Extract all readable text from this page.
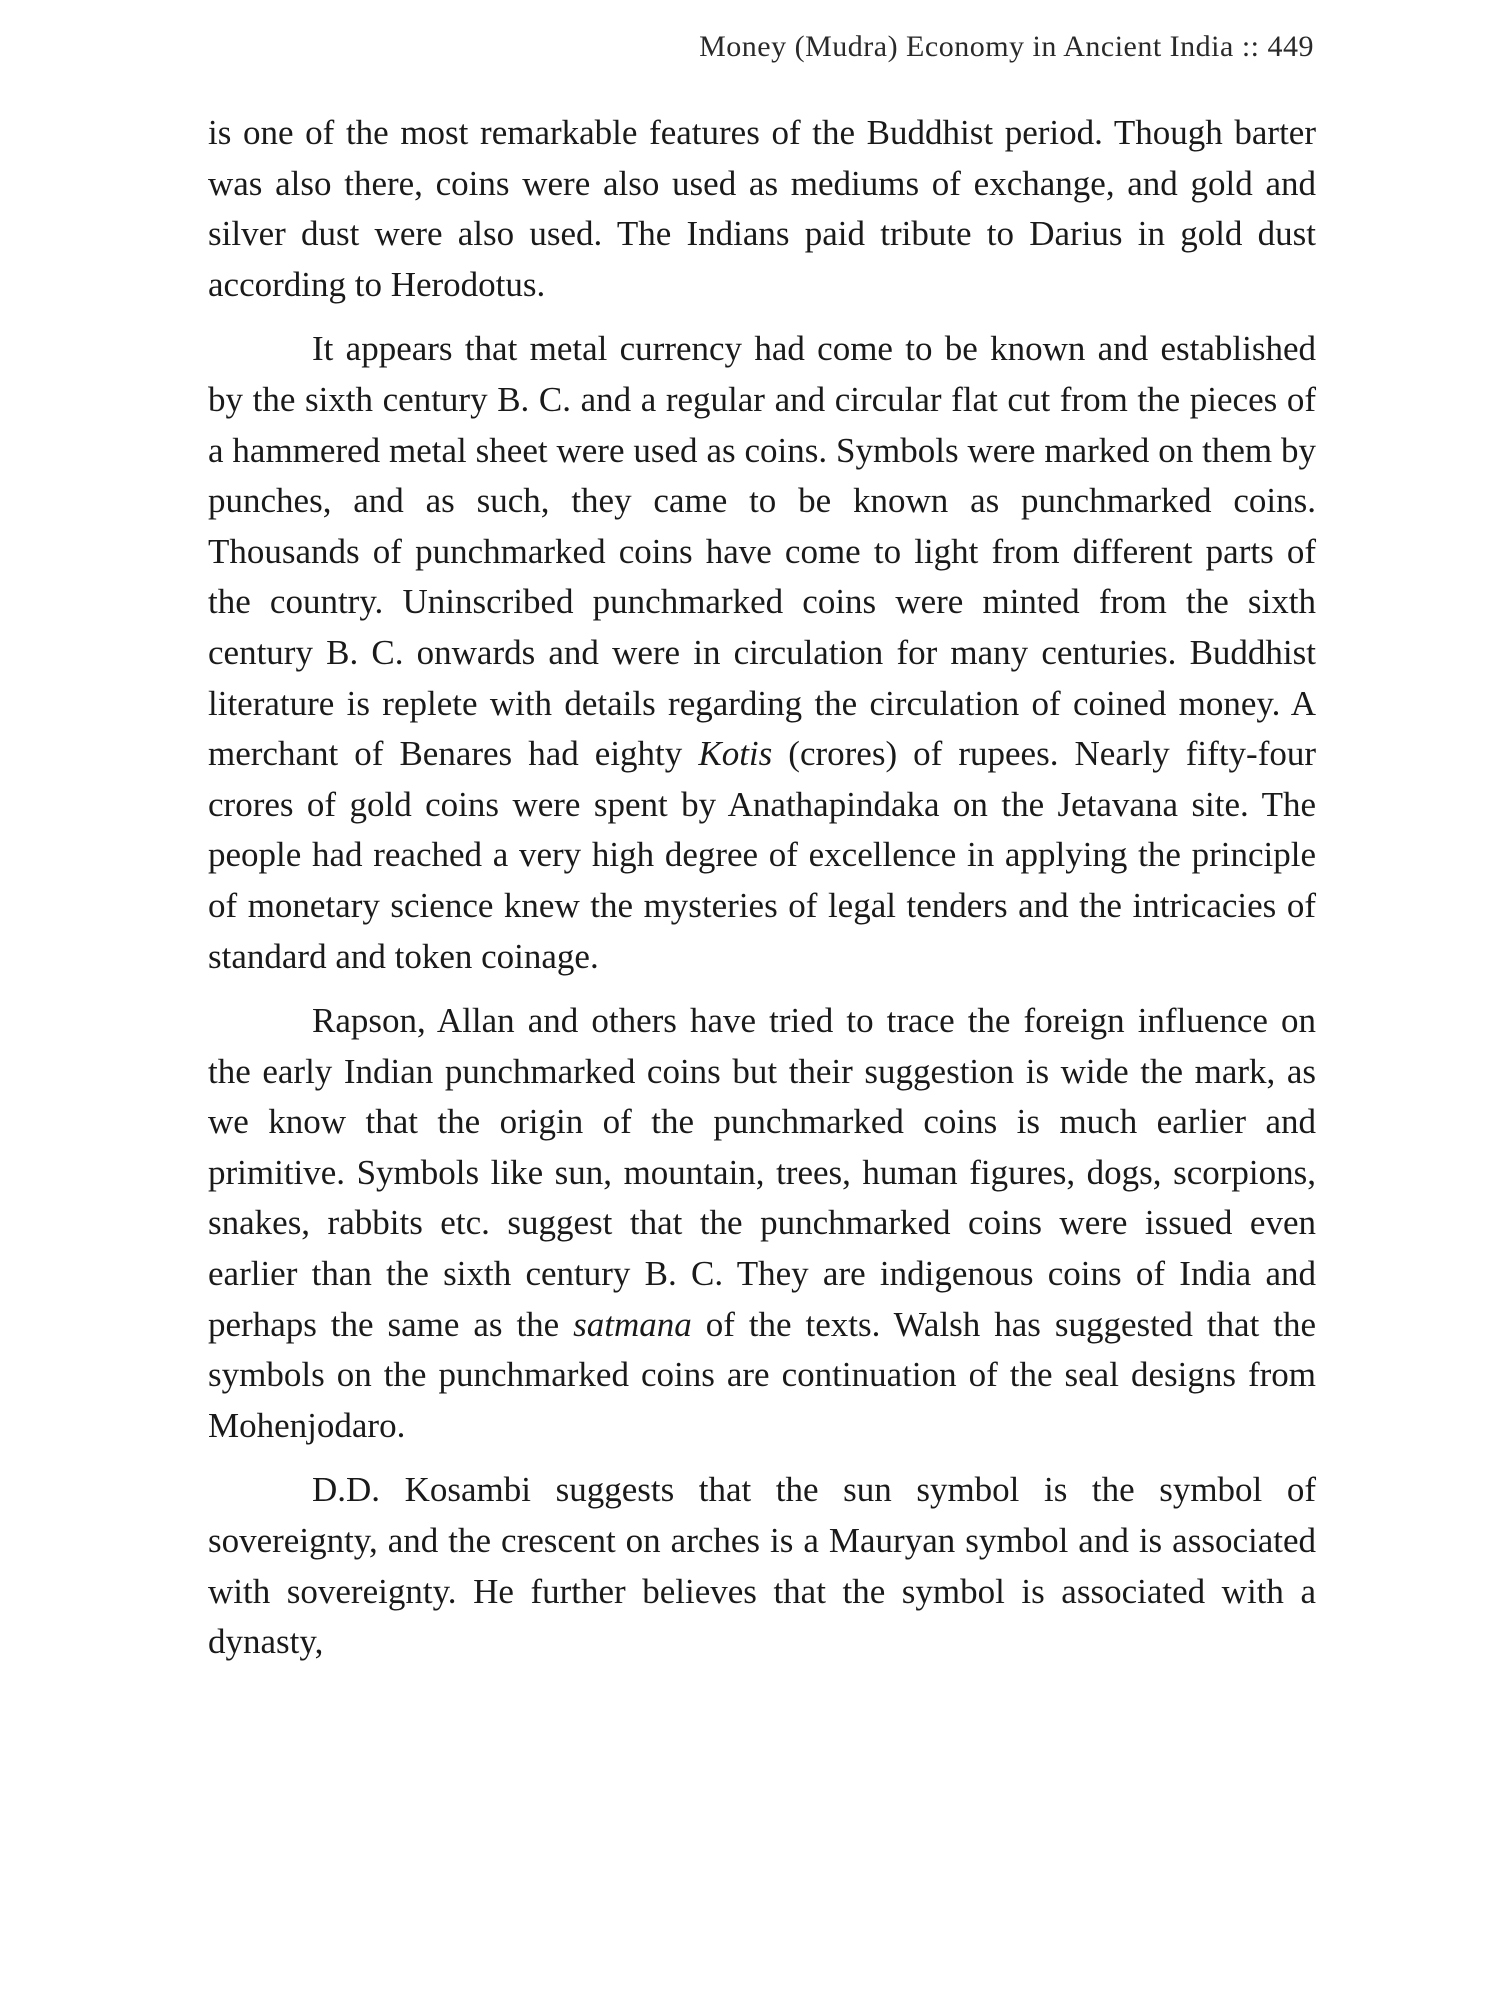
Money (Mudra) Economy in Ancient India :: 449

is one of the most remarkable features of the Buddhist period. Though barter was also there, coins were also used as mediums of exchange, and gold and silver dust were also used. The Indians paid tribute to Darius in gold dust according to Herodotus.

It appears that metal currency had come to be known and established by the sixth century B. C. and a regular and circular flat cut from the pieces of a hammered metal sheet were used as coins. Symbols were marked on them by punches, and as such, they came to be known as punchmarked coins. Thousands of punchmarked coins have come to light from different parts of the country. Uninscribed punchmarked coins were minted from the sixth century B. C. onwards and were in circulation for many centuries. Buddhist literature is replete with details regarding the circulation of coined money. A merchant of Benares had eighty Kotis (crores) of rupees. Nearly fifty-four crores of gold coins were spent by Anathapindaka on the Jetavana site. The people had reached a very high degree of excellence in applying the principle of monetary science knew the mysteries of legal tenders and the intricacies of standard and token coinage.

Rapson, Allan and others have tried to trace the foreign influence on the early Indian punchmarked coins but their suggestion is wide the mark, as we know that the origin of the punchmarked coins is much earlier and primitive. Symbols like sun, mountain, trees, human figures, dogs, scorpions, snakes, rabbits etc. suggest that the punchmarked coins were issued even earlier than the sixth century B. C. They are indigenous coins of India and perhaps the same as the satmana of the texts. Walsh has suggested that the symbols on the punchmarked coins are continuation of the seal designs from Mohenjodaro.

D.D. Kosambi suggests that the sun symbol is the symbol of sovereignty, and the crescent on arches is a Mauryan symbol and is associated with sovereignty. He further believes that the symbol is associated with a dynasty,
